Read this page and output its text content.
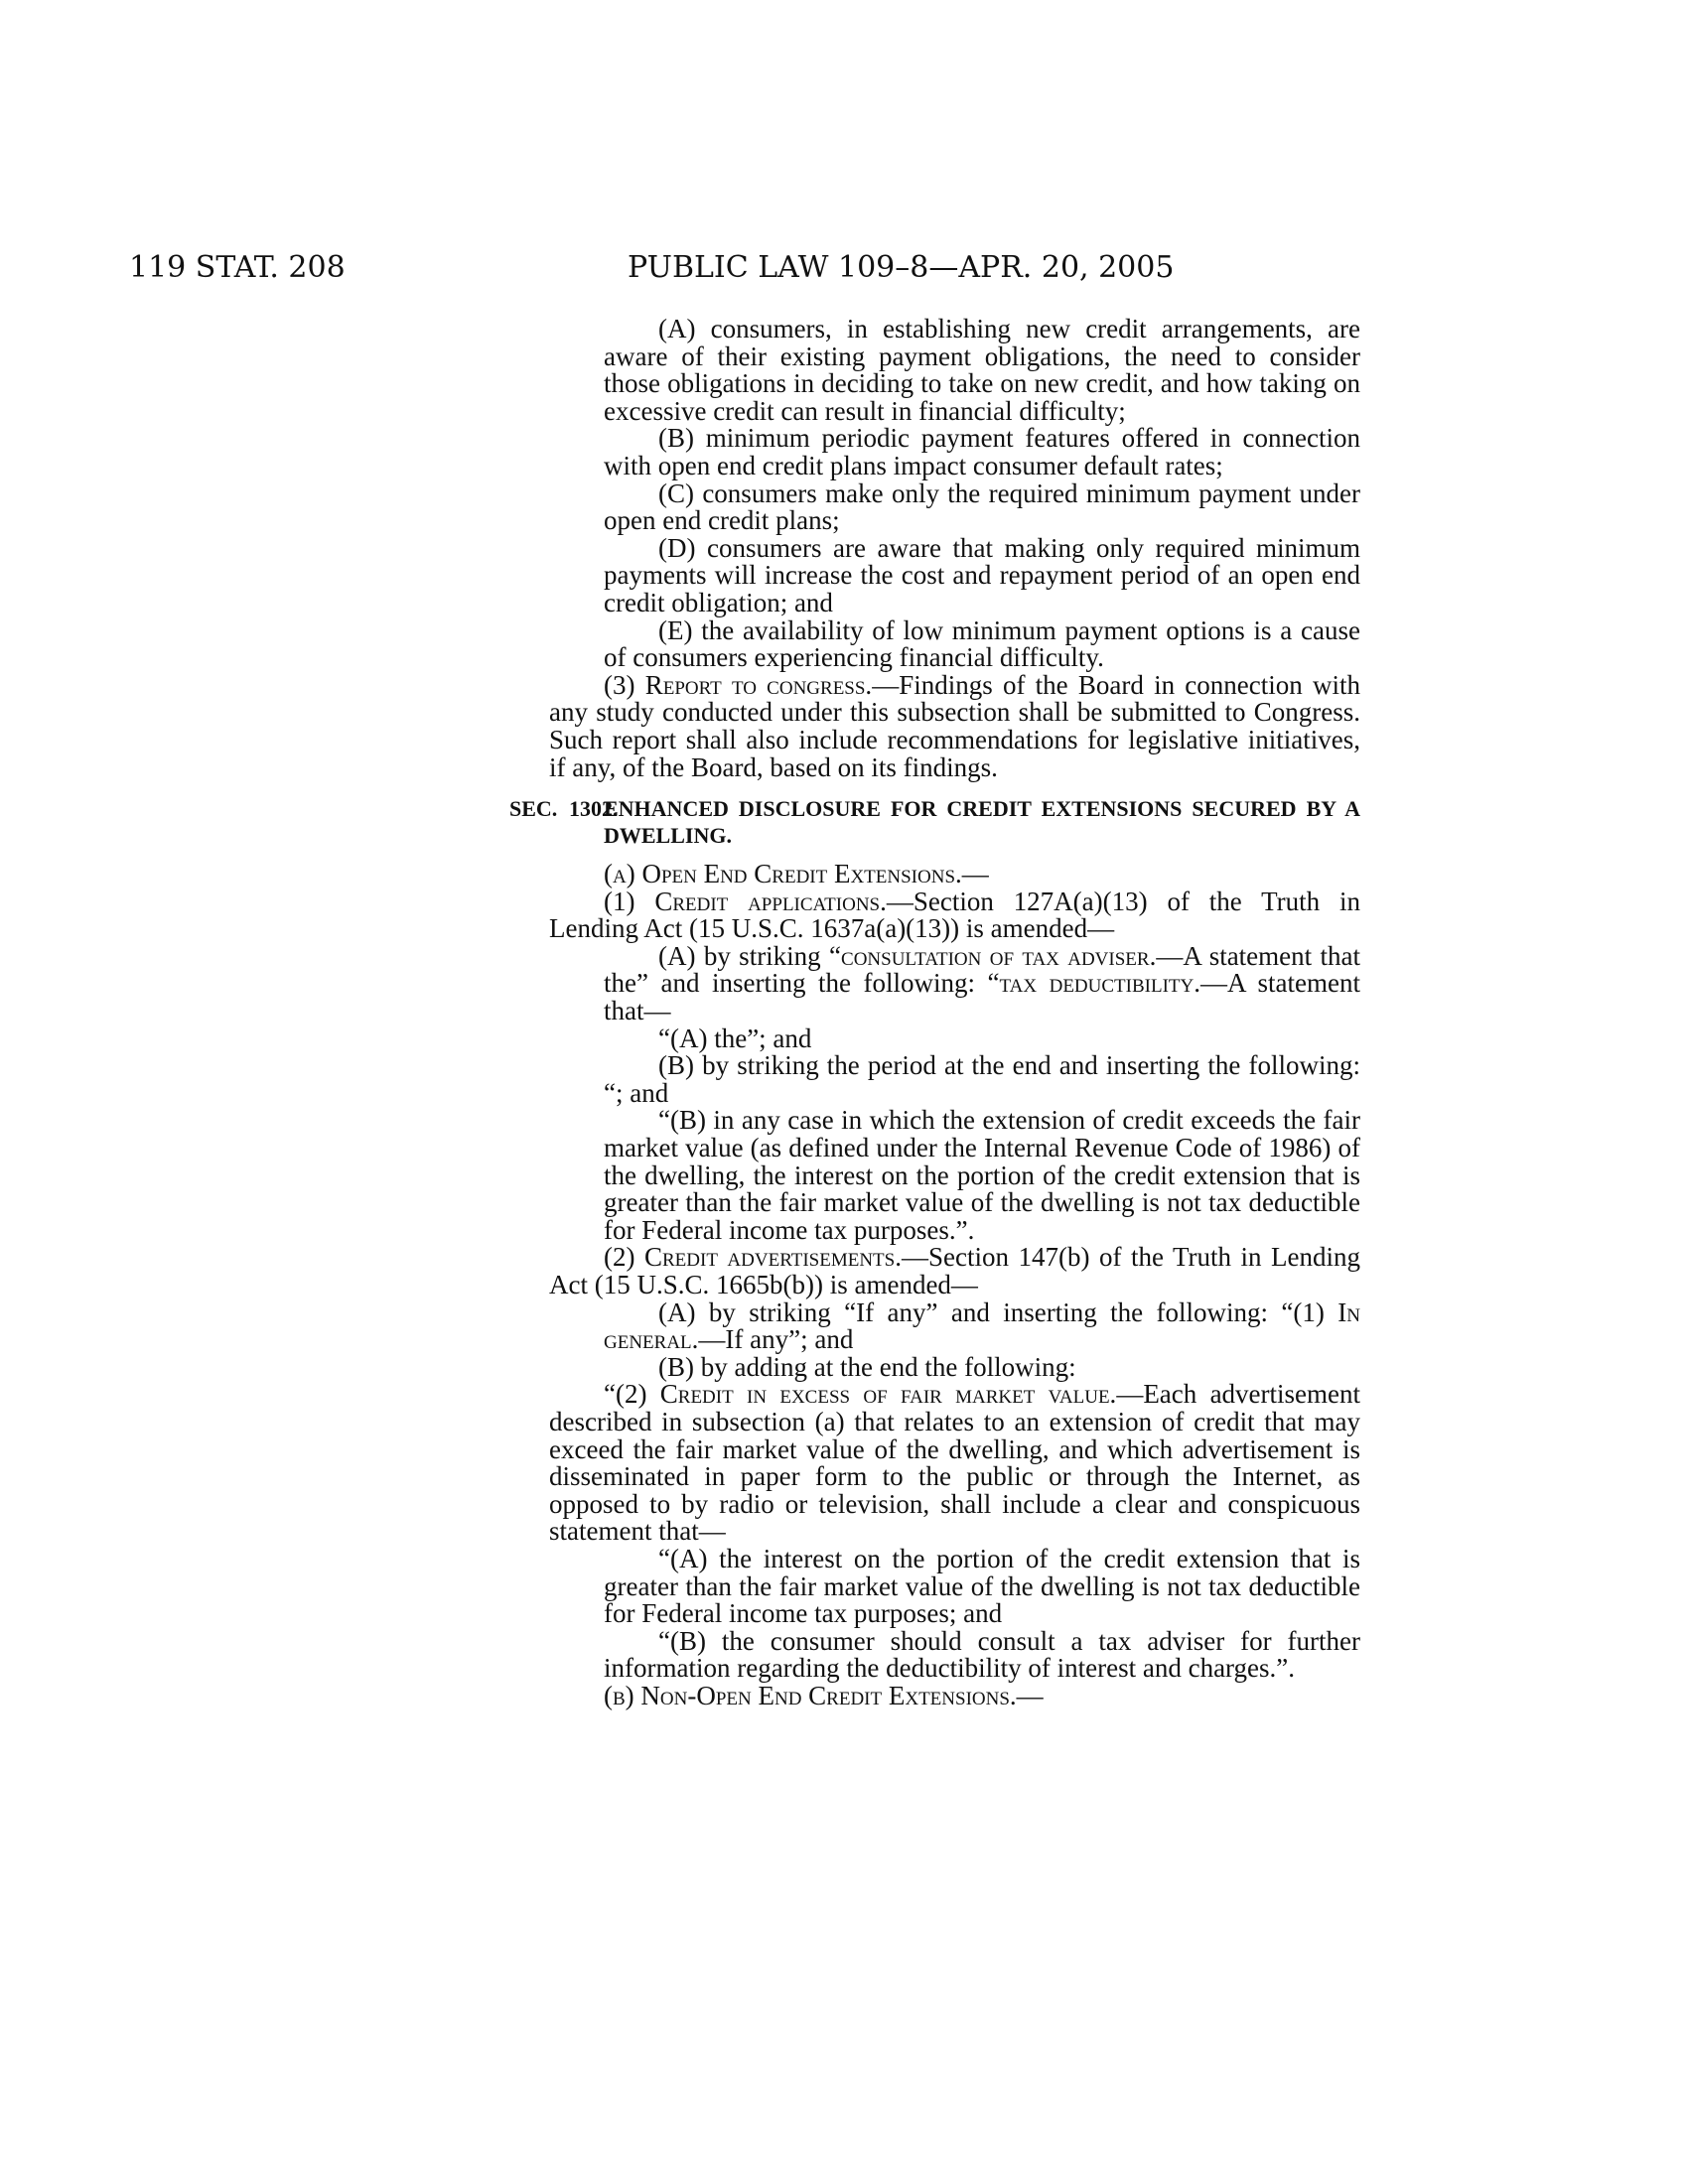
119 STAT. 208	PUBLIC LAW 109–8—APR. 20, 2005

(A) consumers, in establishing new credit arrangements, are aware of their existing payment obligations, the need to consider those obligations in deciding to take on new credit, and how taking on excessive credit can result in financial difficulty;

(B) minimum periodic payment features offered in connection with open end credit plans impact consumer default rates;

(C) consumers make only the required minimum payment under open end credit plans;

(D) consumers are aware that making only required minimum payments will increase the cost and repayment period of an open end credit obligation; and

(E) the availability of low minimum payment options is a cause of consumers experiencing financial difficulty.

(3) Report to congress.—Findings of the Board in connection with any study conducted under this subsection shall be submitted to Congress. Such report shall also include recommendations for legislative initiatives, if any, of the Board, based on its findings.

SEC. 1302.
ENHANCED DISCLOSURE FOR CREDIT EXTENSIONS SECURED BY A DWELLING.

(a) Open End Credit Extensions.—

(1) Credit applications.—Section 127A(a)(13) of the Truth in Lending Act (15 U.S.C. 1637a(a)(13)) is amended—

(A) by striking “consultation of tax adviser.—A statement that the” and inserting the following: “tax deductibility.—A statement that—

“(A) the”; and

(B) by striking the period at the end and inserting the following: “; and

“(B) in any case in which the extension of credit exceeds the fair market value (as defined under the Internal Revenue Code of 1986) of the dwelling, the interest on the portion of the credit extension that is greater than the fair market value of the dwelling is not tax deductible for Federal income tax purposes.”.

(2) Credit advertisements.—Section 147(b) of the Truth in Lending Act (15 U.S.C. 1665b(b)) is amended—

(A) by striking “If any” and inserting the following: “(1) In general.—If any”; and

(B) by adding at the end the following:

“(2) Credit in excess of fair market value.—Each advertisement described in subsection (a) that relates to an extension of credit that may exceed the fair market value of the dwelling, and which advertisement is disseminated in paper form to the public or through the Internet, as opposed to by radio or television, shall include a clear and conspicuous statement that—

“(A) the interest on the portion of the credit extension that is greater than the fair market value of the dwelling is not tax deductible for Federal income tax purposes; and

“(B) the consumer should consult a tax adviser for further information regarding the deductibility of interest and charges.”.

(b) Non-Open End Credit Extensions.—
